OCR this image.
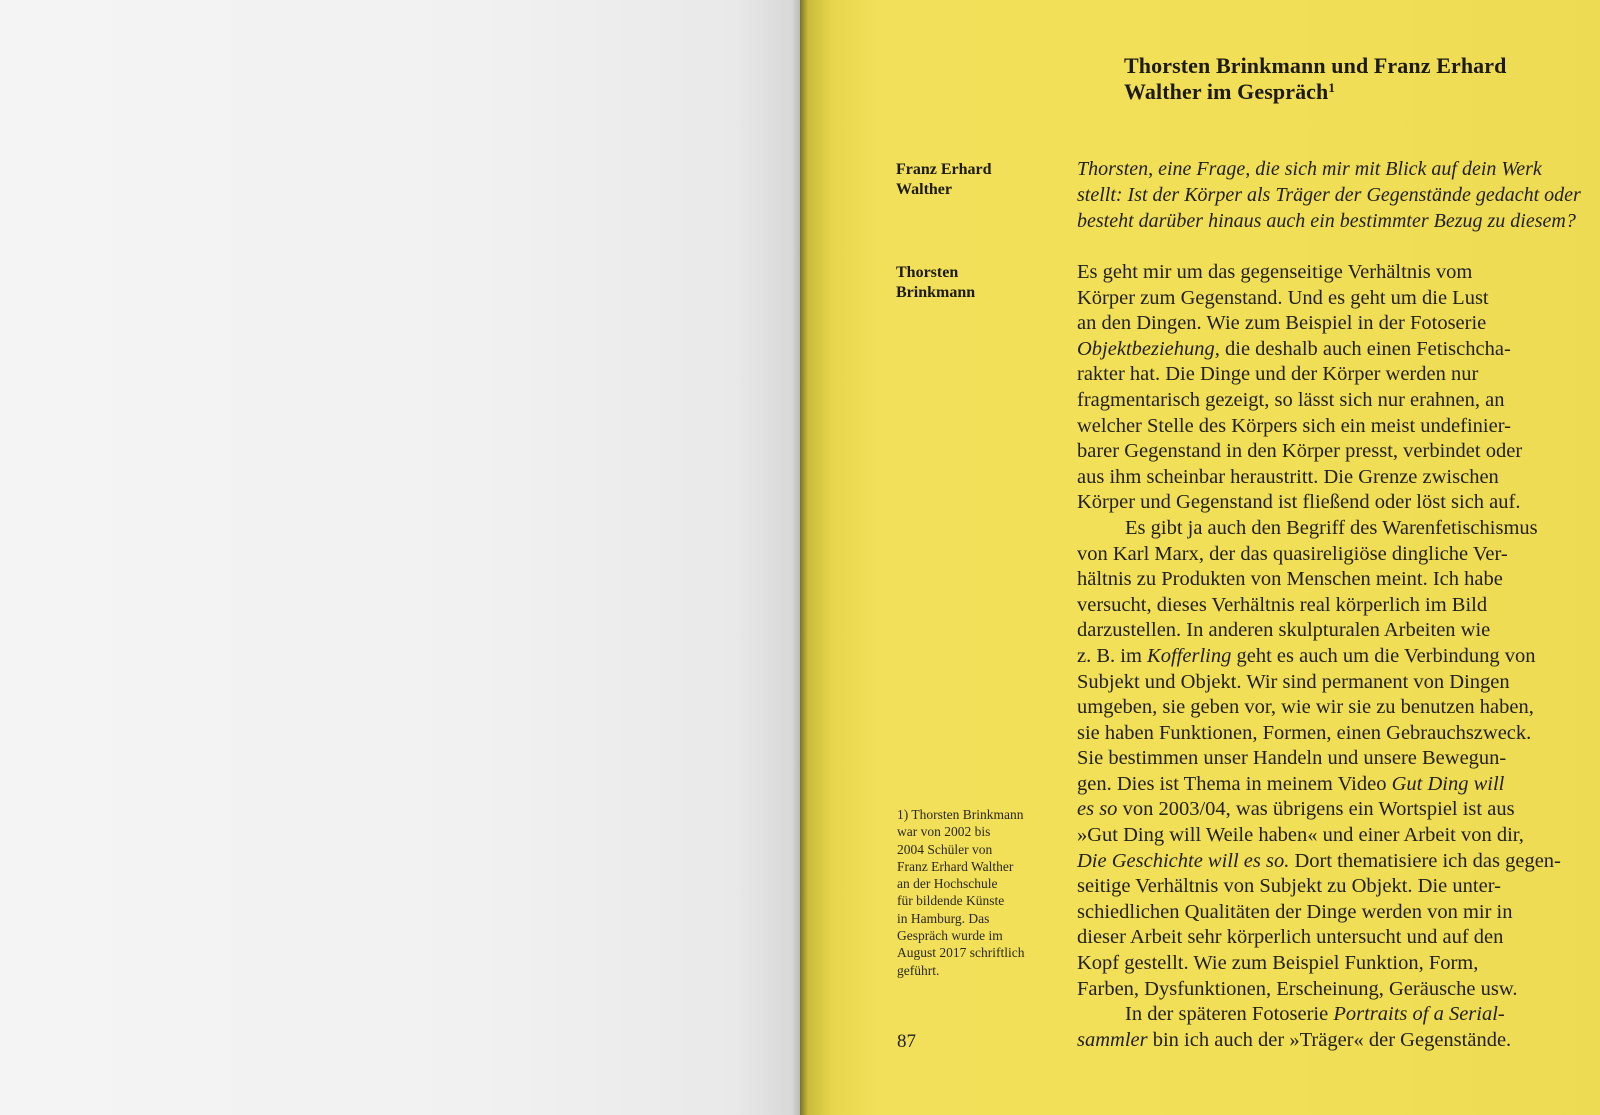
Thorsten Brinkmann und Franz Erhard
Walther im Gespräch$^1$

Franz Erhard
Walther

Thorsten
Brinkmann

Thorsten, eine Frage, die sich mir mit Blick auf dein Werk
stellt: Ist der Körper als Träger der Gegenstände gedacht oder
besteht darüber hinaus auch ein bestimmter Bezug zu diesem?

Es geht mir um das gegenseitige Verhältnis vom
Körper zum Gegenstand. Und es geht um die Lust
an den Dingen. Wie zum Beispiel in der Fotoserie
Objektbeziehung, die deshalb auch einen Fetischcha-
rakter hat. Die Dinge und der Körper werden nur
fragmentarisch gezeigt, so lässt sich nur erahnen, an
welcher Stelle des Körpers sich ein meist undefinier-
barer Gegenstand in den Körper presst, verbindet oder
aus ihm scheinbar heraustritt. Die Grenze zwischen
Körper und Gegenstand ist fließend oder löst sich auf.
Es gibt ja auch den Begriff des Warenfetischismus
von Karl Marx, der das quasireligiöse dingliche Ver-
hältnis zu Produkten von Menschen meint. Ich habe
versucht, dieses Verhältnis real körperlich im Bild
darzustellen. In anderen skulpturalen Arbeiten wie
z. B. im Kofferling geht es auch um die Verbindung von
Subjekt und Objekt. Wir sind permanent von Dingen
umgeben, sie geben vor, wie wir sie zu benutzen haben,
sie haben Funktionen, Formen, einen Gebrauchszweck.
Sie bestimmen unser Handeln und unsere Bewegun-
gen. Dies ist Thema in meinem Video Gut Ding will
es so von 2003/04, was übrigens ein Wortspiel ist aus
»Gut Ding will Weile haben« und einer Arbeit von dir,
Die Geschichte will es so. Dort thematisiere ich das gegen-
seitige Verhältnis von Subjekt zu Objekt. Die unter-
schiedlichen Qualitäten der Dinge werden von mir in
dieser Arbeit sehr körperlich untersucht und auf den
Kopf gestellt. Wie zum Beispiel Funktion, Form,
Farben, Dysfunktionen, Erscheinung, Geräusche usw.
In der späteren Fotoserie Portraits of a Serial-
sammler bin ich auch der »Träger« der Gegenstände.
1) Thorsten Brinkmann
war von 2002 bis
2004 Schüler von
Franz Erhard Walther
an der Hochschule
für bildende Künste
in Hamburg. Das
Gespräch wurde im
August 2017 schriftlich
geführt.

87
